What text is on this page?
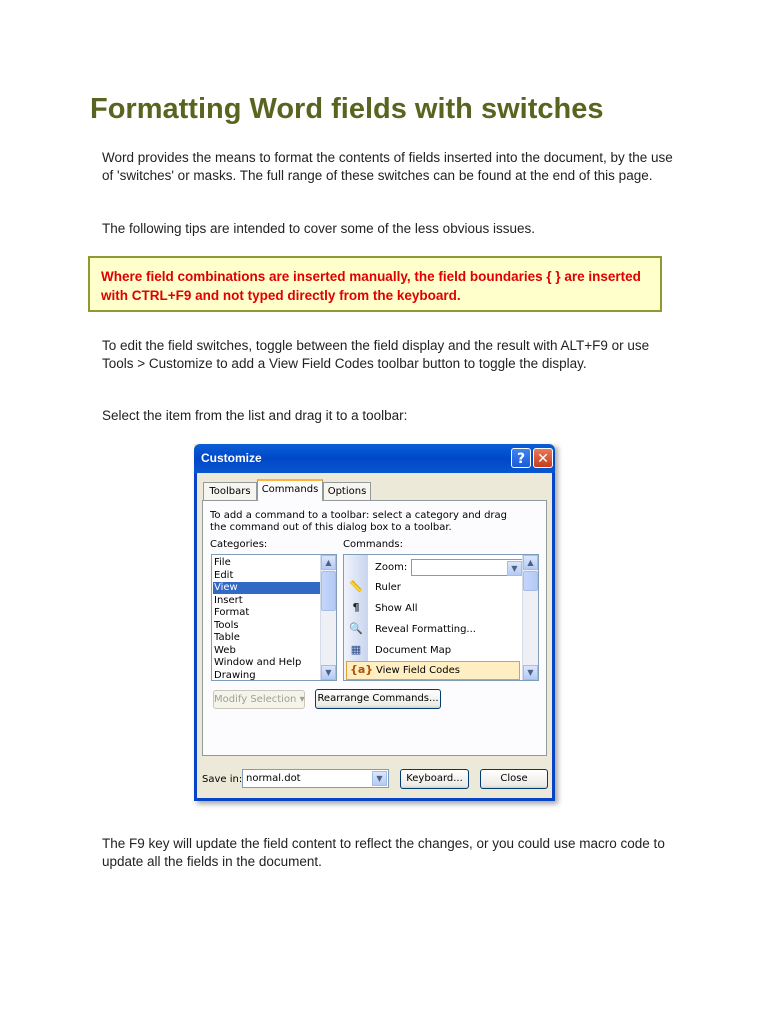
Formatting Word fields with switches

Word provides the means to format the contents of fields inserted into the document, by the use of 'switches' or masks. The full range of these switches can be found at the end of this page.

The following tips are intended to cover some of the less obvious issues.

Where field combinations are inserted manually, the field boundaries { } are inserted with CTRL+F9 and not typed directly from the keyboard.

To edit the field switches, toggle between the field display and the result with ALT+F9 or use Tools > Customize to add a View Field Codes toolbar button to toggle the display.

Select the item from the list and drag it to a toolbar:

Customize	? ✕
Toolbars	Commands Options
To add a command to a toolbar: select a category and drag the command out of this dialog box to a toolbar.
Categories:	Commands:
File
Edit
View
Insert
Format
Tools
Table
Web
Window and Help
Drawing
▲
▼
Zoom:	▼
📏 Ruler
¶	Show All
🔍 Reveal Formatting...
▦ Document Map
{a} View Field Codes
▲
▼
Modify Selection ▾ Rearrange Commands...
Save in: normal.dot	▼	Keyboard...	Close

The F9 key will update the field content to reflect the changes, or you could use macro code to update all the fields in the document.
